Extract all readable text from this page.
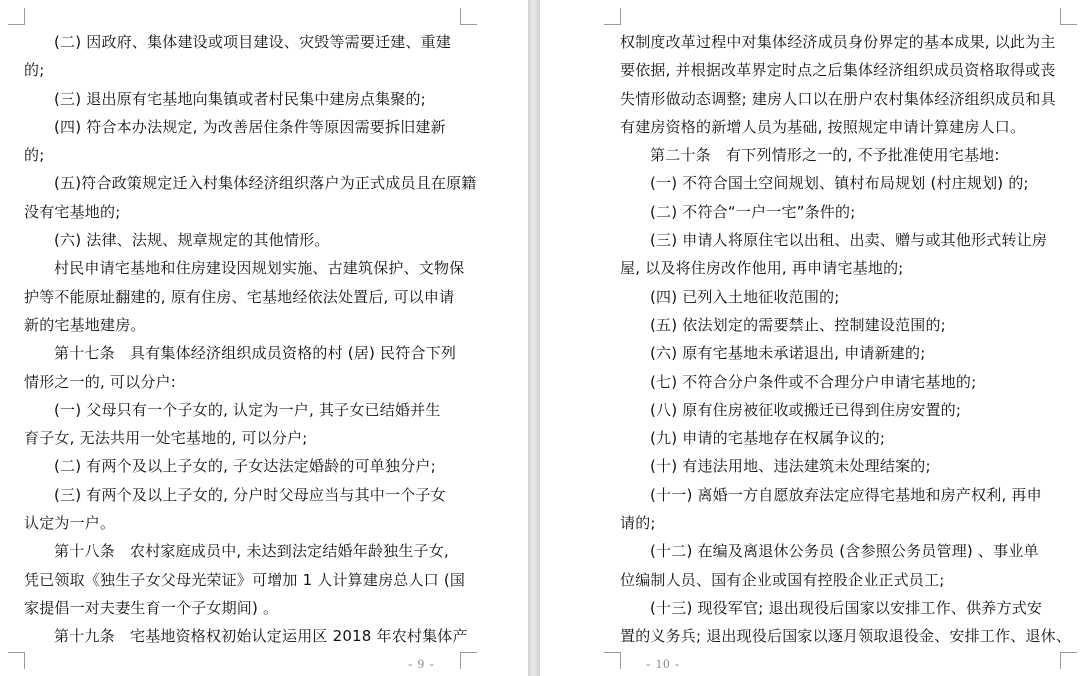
(二) 因政府、集体建设或项目建设、灾毁等需要迁建、重建
的;
(三) 退出原有宅基地向集镇或者村民集中建房点集聚的;
(四) 符合本办法规定, 为改善居住条件等原因需要拆旧建新
的;
(五)符合政策规定迁入村集体经济组织落户为正式成员且在原籍
没有宅基地的;
(六) 法律、法规、规章规定的其他情形。
村民申请宅基地和住房建设因规划实施、古建筑保护、文物保
护等不能原址翻建的, 原有住房、宅基地经依法处置后, 可以申请
新的宅基地建房。
第十七条　具有集体经济组织成员资格的村 (居) 民符合下列
情形之一的, 可以分户:
(一) 父母只有一个子女的, 认定为一户, 其子女已结婚并生
育子女, 无法共用一处宅基地的, 可以分户;
(二) 有两个及以上子女的, 子女达法定婚龄的可单独分户;
(三) 有两个及以上子女的, 分户时父母应当与其中一个子女
认定为一户。
第十八条　农村家庭成员中, 未达到法定结婚年龄独生子女,
凭已领取《独生子女父母光荣证》可增加 1 人计算建房总人口 (国
家提倡一对夫妻生育一个子女期间) 。
第十九条　宅基地资格权初始认定运用区 2018 年农村集体产
- 9 -
权制度改革过程中对集体经济成员身份界定的基本成果, 以此为主
要依据, 并根据改革界定时点之后集体经济组织成员资格取得或丧
失情形做动态调整; 建房人口以在册户农村集体经济组织成员和具
有建房资格的新增人员为基础, 按照规定申请计算建房人口。
第二十条　有下列情形之一的, 不予批准使用宅基地:
(一) 不符合国土空间规划、镇村布局规划 (村庄规划) 的;
(二) 不符合“一户一宅”条件的;
(三) 申请人将原住宅以出租、出卖、赠与或其他形式转让房
屋, 以及将住房改作他用, 再申请宅基地的;
(四) 已列入土地征收范围的;
(五) 依法划定的需要禁止、控制建设范围的;
(六) 原有宅基地未承诺退出, 申请新建的;
(七) 不符合分户条件或不合理分户申请宅基地的;
(八) 原有住房被征收或搬迁已得到住房安置的;
(九) 申请的宅基地存在权属争议的;
(十) 有违法用地、违法建筑未处理结案的;
(十一) 离婚一方自愿放弃法定应得宅基地和房产权利, 再申
请的;
(十二) 在编及离退休公务员 (含参照公务员管理) 、事业单
位编制人员、国有企业或国有控股企业正式员工;
(十三) 现役军官; 退出现役后国家以安排工作、供养方式安
置的义务兵; 退出现役后国家以逐月领取退役金、安排工作、退休、
- 10 -
